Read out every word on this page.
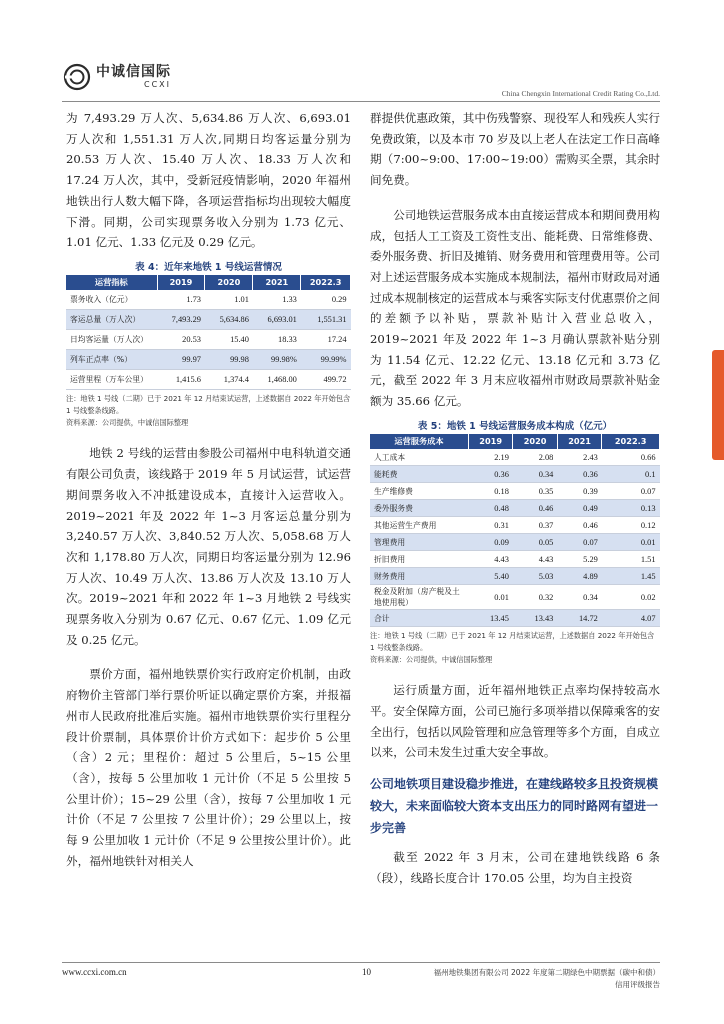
中诚信国际
CCXI
China Chengxin International Credit Rating Co.,Ltd.

为 7,493.29 万人次、5,634.86 万人次、6,693.01 万人次和 1,551.31 万人次,同期日均客运量分别为 20.53 万人次、15.40 万人次、18.33 万人次和 17.24 万人次，其中，受新冠疫情影响，2020 年福州地铁出行人数大幅下降，各项运营指标均出现较大幅度下滑。同期，公司实现票务收入分别为 1.73 亿元、1.01 亿元、1.33 亿元及 0.29 亿元。

表 4：近年来地铁 1 号线运营情况
运营指标	2019	2020	2021	2022.3
票务收入（亿元）	1.73	1.01	1.33	0.29
客运总量（万人次）	7,493.29	5,634.86	6,693.01	1,551.31
日均客运量（万人次）	20.53	15.40	18.33	17.24
列车正点率（%）	99.97	99.98	99.98%	99.99%
运营里程（万车公里）	1,415.6	1,374.4	1,468.00	499.72
注：地铁 1 号线（二期）已于 2021 年 12 月结束试运营，上述数据自 2022 年开始包含 1 号线整条线路。
资料来源：公司提供，中诚信国际整理

地铁 2 号线的运营由参股公司福州中电科轨道交通有限公司负责，该线路于 2019 年 5 月试运营，试运营期间票务收入不冲抵建设成本，直接计入运营收入。2019~2021 年及 2022 年 1~3 月客运总量分别为 3,240.57 万人次、3,840.52 万人次、5,058.68 万人次和 1,178.80 万人次，同期日均客运量分别为 12.96 万人次、10.49 万人次、13.86 万人次及 13.10 万人次。2019~2021 年和 2022 年 1~3 月地铁 2 号线实现票务收入分别为 0.67 亿元、0.67 亿元、1.09 亿元及 0.25 亿元。

票价方面，福州地铁票价实行政府定价机制，由政府物价主管部门举行票价听证以确定票价方案，并报福州市人民政府批准后实施。福州市地铁票价实行里程分段计价票制，具体票价计价方式如下：起步价 5 公里（含）2 元；里程价：超过 5 公里后，5~15 公里（含），按每 5 公里加收 1 元计价（不足 5 公里按 5 公里计价）；15~29 公里（含），按每 7 公里加收 1 元计价（不足 7 公里按 7 公里计价）；29 公里以上，按每 9 公里加收 1 元计价（不足 9 公里按公里计价）。此外，福州地铁针对相关人

群提供优惠政策，其中伤残警察、现役军人和残疾人实行免费政策，以及本市 70 岁及以上老人在法定工作日高峰期（7:00~9:00、17:00~19:00）需购买全票，其余时间免费。

公司地铁运营服务成本由直接运营成本和期间费用构成，包括人工工资及工资性支出、能耗费、日常维修费、委外服务费、折旧及摊销、财务费用和管理费用等。公司对上述运营服务成本实施成本规制法，福州市财政局对通过成本规制核定的运营成本与乘客实际支付优惠票价之间的差额予以补贴，票款补贴计入营业总收入，2019~2021 年及 2022 年 1~3 月确认票款补贴分别为 11.54 亿元、12.22 亿元、13.18 亿元和 3.73 亿元，截至 2022 年 3 月末应收福州市财政局票款补贴金额为 35.66 亿元。

表 5：地铁 1 号线运营服务成本构成（亿元）
运营服务成本	2019	2020	2021	2022.3
人工成本	2.19	2.08	2.43	0.66
能耗费	0.36	0.34	0.36	0.1
生产维修费	0.18	0.35	0.39	0.07
委外服务费	0.48	0.46	0.49	0.13
其他运营生产费用	0.31	0.37	0.46	0.12
管理费用	0.09	0.05	0.07	0.01
折旧费用	4.43	4.43	5.29	1.51
财务费用	5.40	5.03	4.89	1.45
税金及附加（房产税及土地使用税）	0.01	0.32	0.34	0.02
合计	13.45	13.43	14.72	4.07
注：地铁 1 号线（二期）已于 2021 年 12 月结束试运营，上述数据自 2022 年开始包含 1 号线整条线路。
资料来源：公司提供，中诚信国际整理

运行质量方面，近年福州地铁正点率均保持较高水平。安全保障方面，公司已施行多项举措以保障乘客的安全出行，包括以风险管理和应急管理等多个方面，自成立以来，公司未发生过重大安全事故。

公司地铁项目建设稳步推进，在建线路较多且投资规模较大，未来面临较大资本支出压力的同时路网有望进一步完善

截至 2022 年 3 月末，公司在建地铁线路 6 条（段），线路长度合计 170.05 公里，均为自主投资

0
www.ccxi.com.cn	10	福州地铁集团有限公司 2022 年度第二期绿色中期票据（碳中和债）
信用评级报告
